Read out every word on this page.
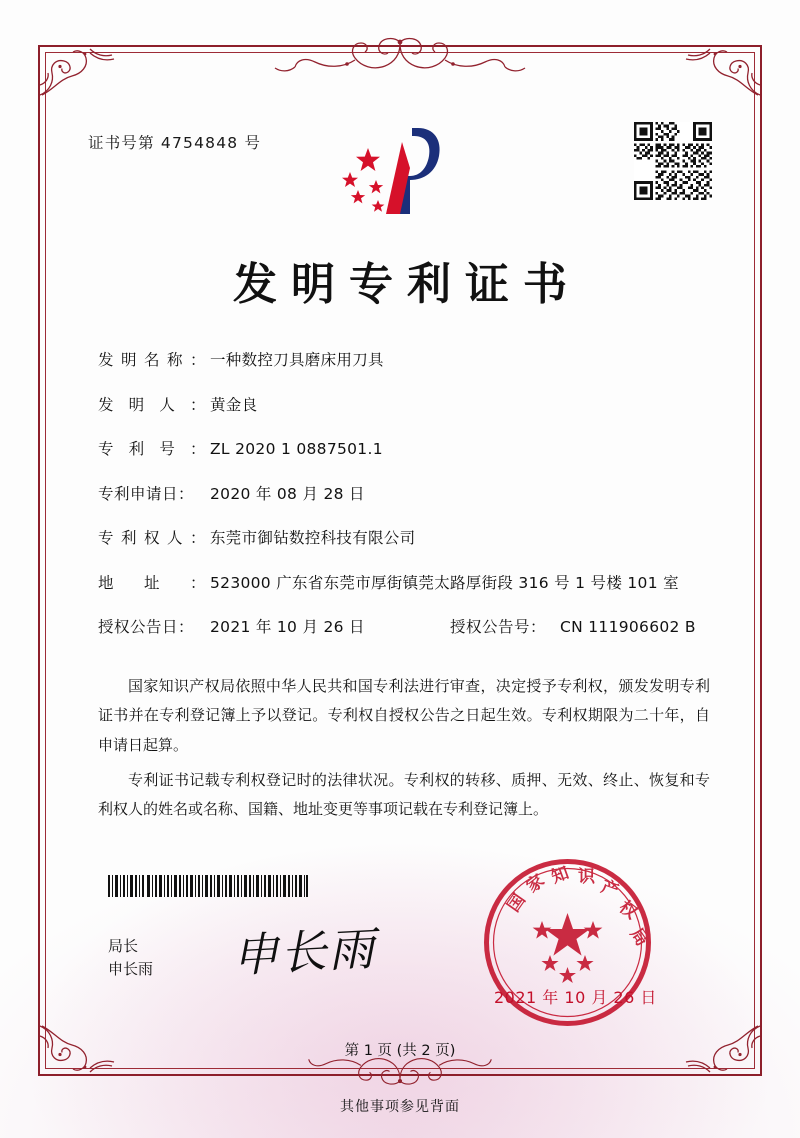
证书号第 4754848 号
发明专利证书
发 明 名 称 ： 一种数控刀具磨床用刀具
发 明 人 ： 黄金良
专 利 号 ： ZL 2020 1 0887501.1
专利申请日：	2020 年 08 月 28 日
专 利 权 人 ： 东莞市御钻数控科技有限公司
地 址 ： 523000 广东省东莞市厚街镇莞太路厚街段 316 号 1 号楼 101 室
授权公告日：	2021 年 10 月 26 日	授权公告号： CN 111906602 B

国家知识产权局依照中华人民共和国专利法进行审查，决定授予专利权，颁发发明专利证书并在专利登记簿上予以登记。专利权自授权公告之日起生效。专利权期限为二十年，自申请日起算。

专利证书记载专利权登记时的法律状况。专利权的转移、质押、无效、终止、恢复和专利权人的姓名或名称、国籍、地址变更等事项记载在专利登记簿上。

局长
申长雨 申长雨
国
家 知 识 产
权
局
2021 年 10 月 26 日
第 1 页 (共 2 页)
其他事项参见背面
